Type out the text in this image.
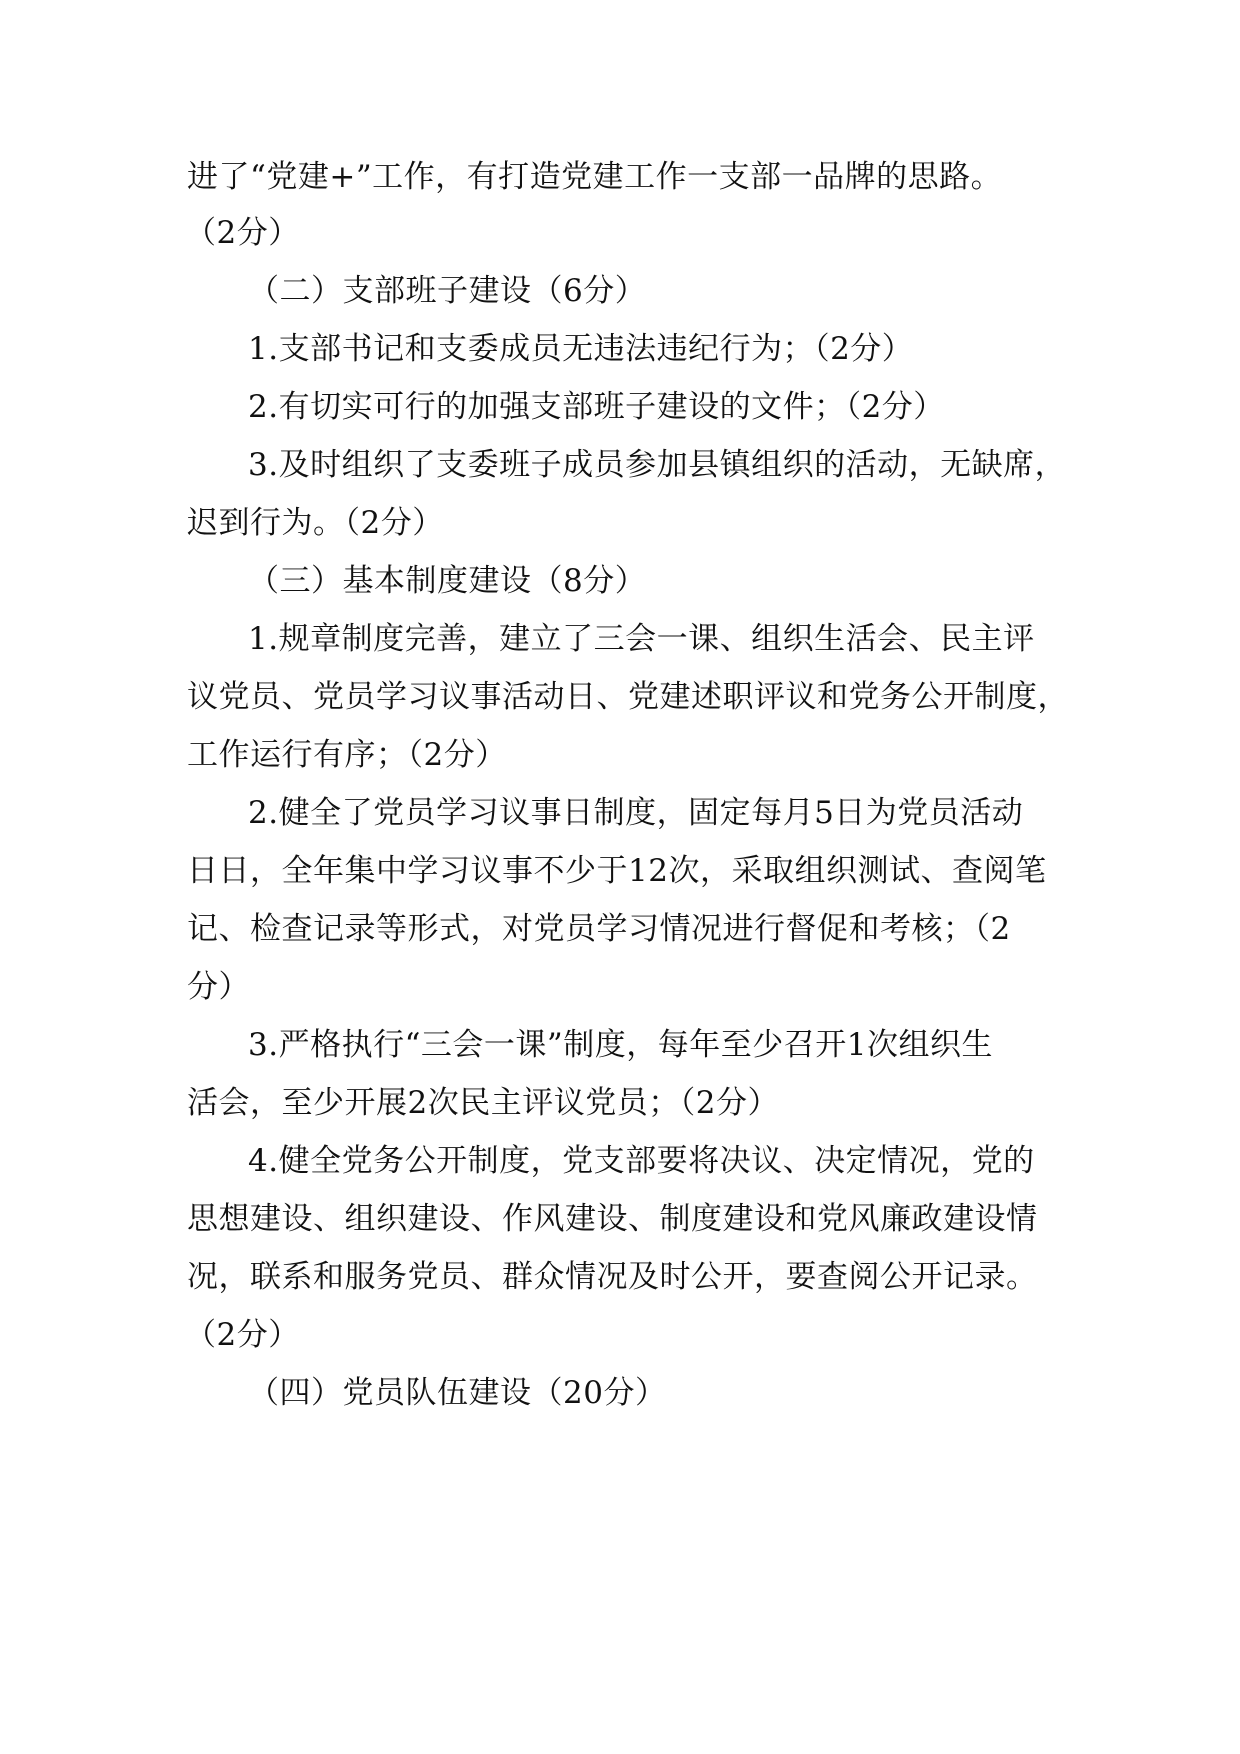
进了“党建+”工作，有打造党建工作一支部一品牌的思路。
（2分）
（二）支部班子建设（6分）
1.支部书记和支委成员无违法违纪行为；（2分）
2.有切实可行的加强支部班子建设的文件；（2分）
3.及时组织了支委班子成员参加县镇组织的活动，无缺席，
迟到行为。（2分）
（三）基本制度建设（8分）
1.规章制度完善，建立了三会一课、组织生活会、民主评
议党员、党员学习议事活动日、党建述职评议和党务公开制度，
工作运行有序；（2分）
2.健全了党员学习议事日制度，固定每月5日为党员活动
日日，全年集中学习议事不少于12次，采取组织测试、查阅笔
记、检查记录等形式，对党员学习情况进行督促和考核；（2
分）
3.严格执行“三会一课”制度，每年至少召开1次组织生
活会，至少开展2次民主评议党员；（2分）
4.健全党务公开制度，党支部要将决议、决定情况，党的
思想建设、组织建设、作风建设、制度建设和党风廉政建设情
况，联系和服务党员、群众情况及时公开，要查阅公开记录。
（2分）
（四）党员队伍建设（20分）
